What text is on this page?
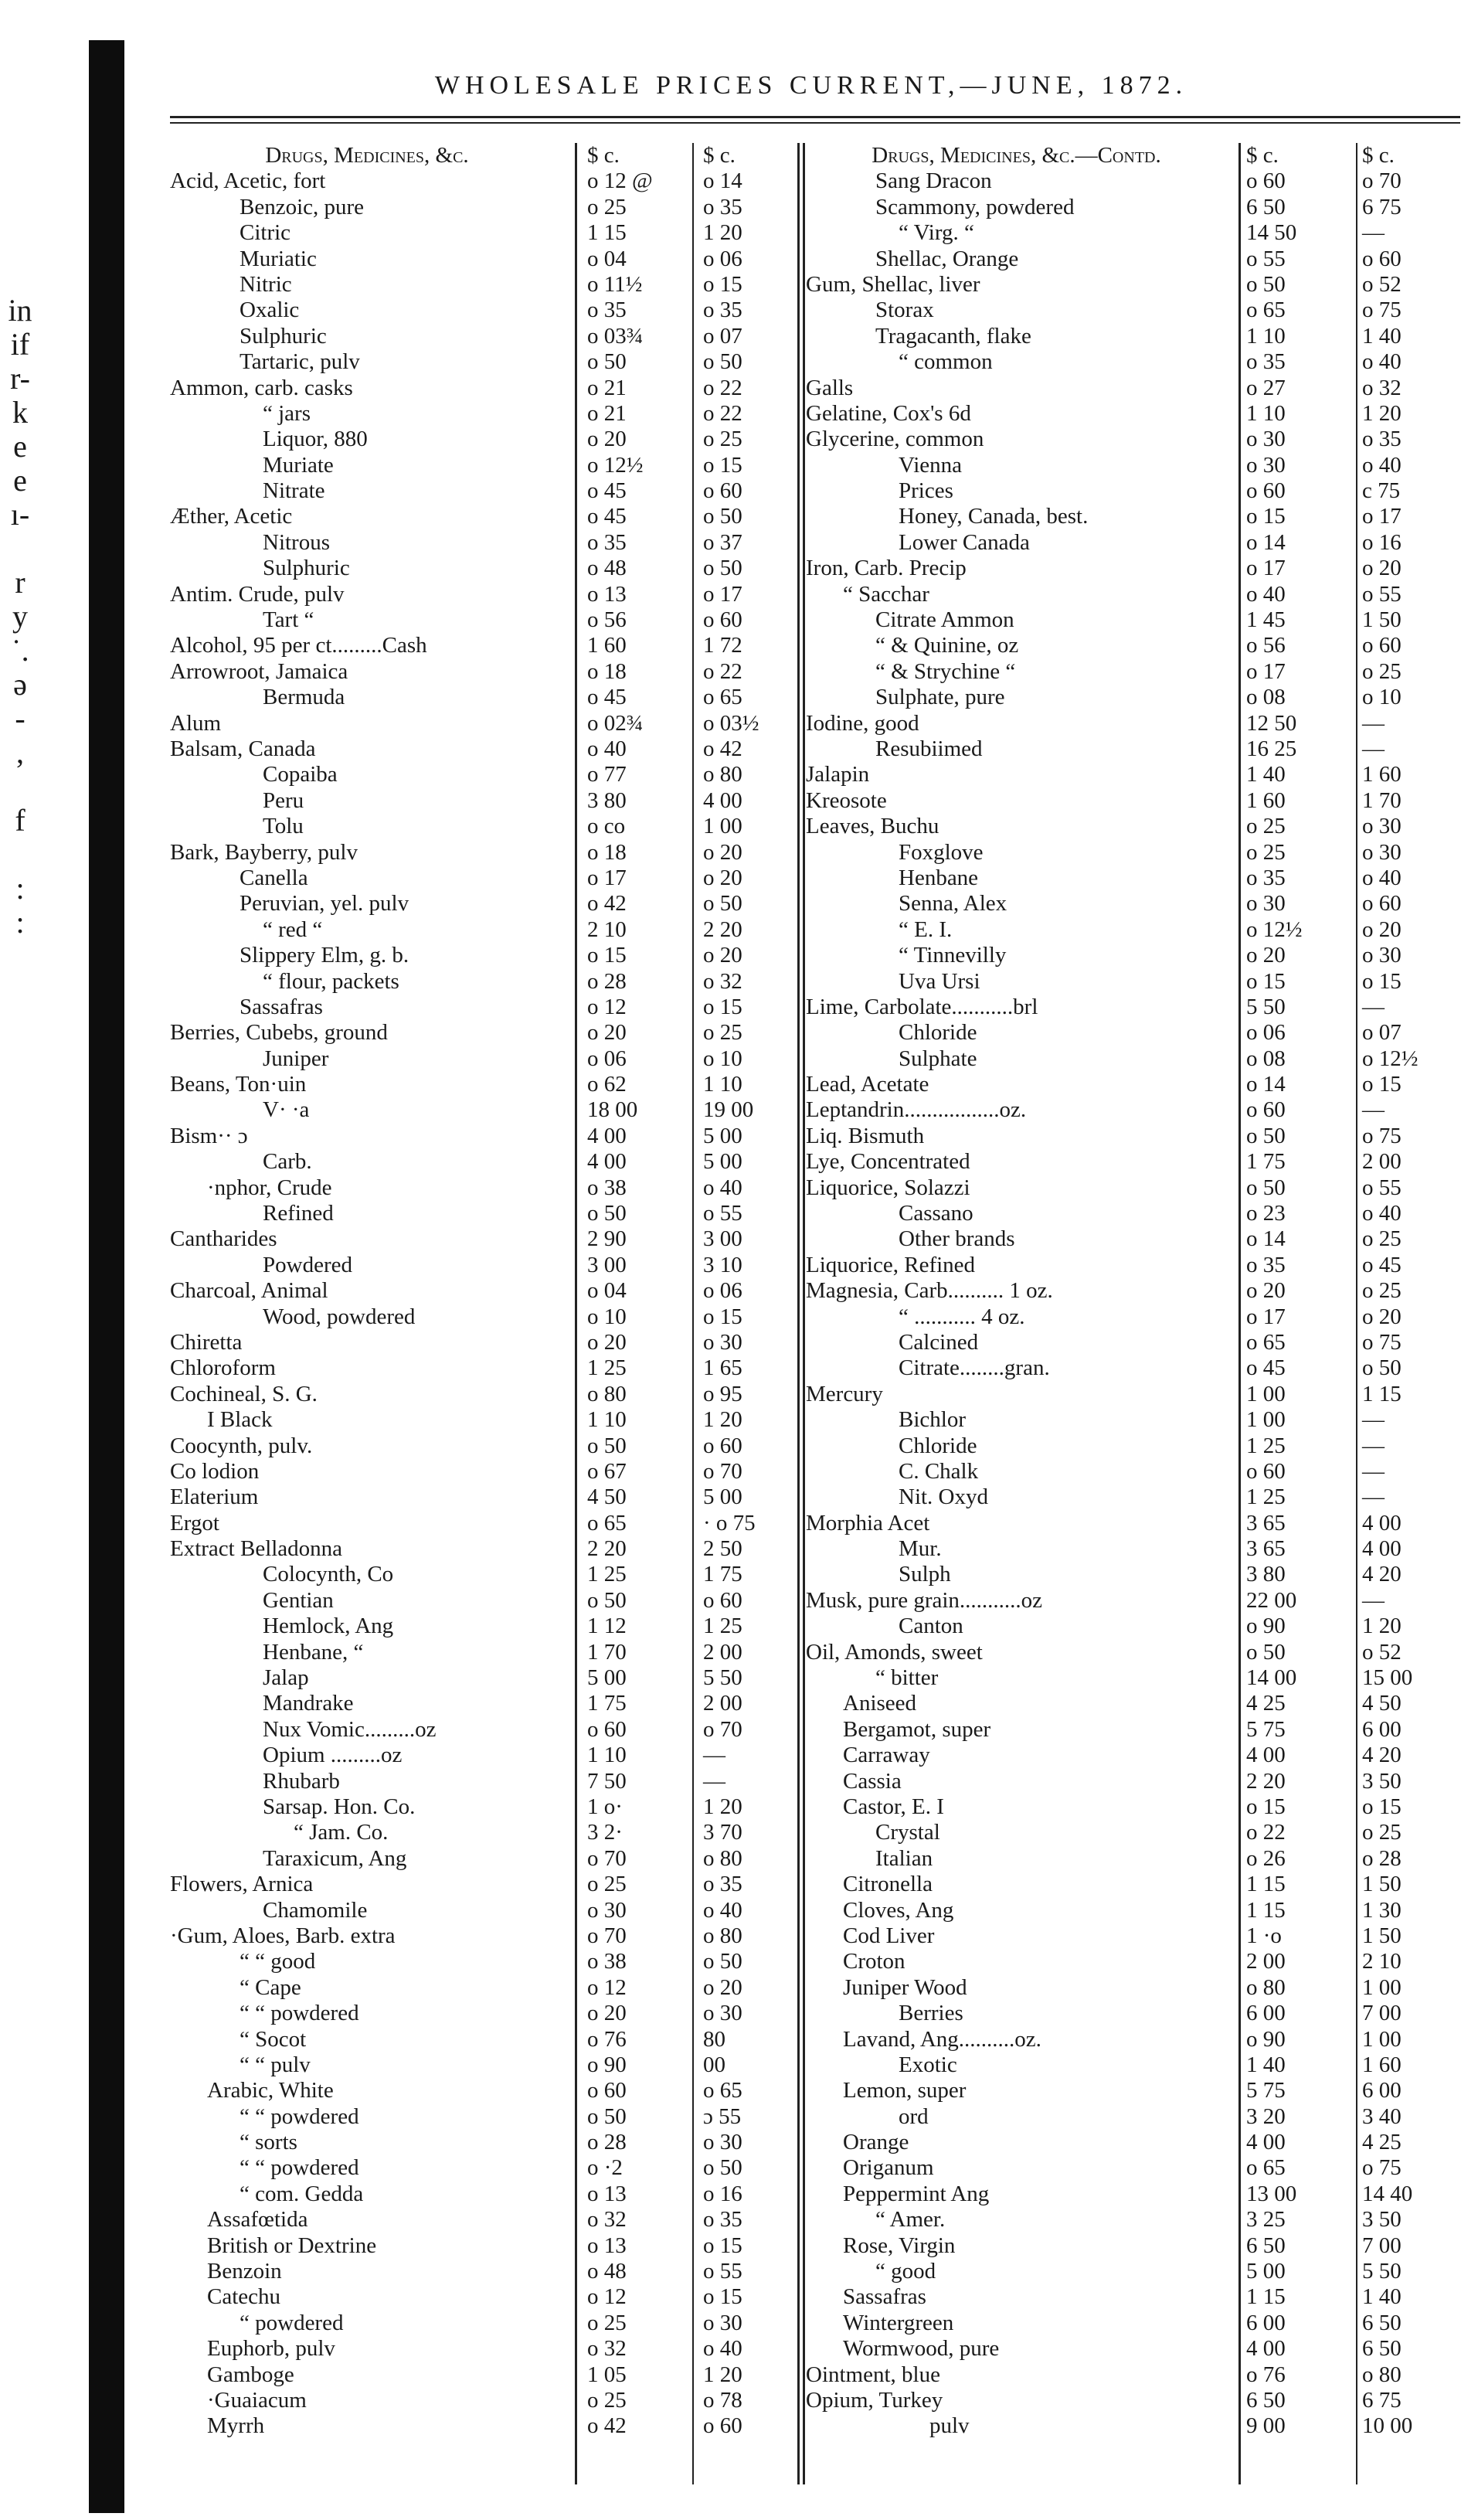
in
if
r-
k
e
e
ı-
r
y
˙.
ə
-
,
f
:
:
WHOLESALE PRICES CURRENT,—JUNE, 1872.
Drugs, Medicines, &c.	$ c.	$ c.
Acid, Acetic, fort	o 12 @	o 14
Benzoic, pure	o 25	o 35
Citric	1 15	1 20
Muriatic	o 04	o 06
Nitric	o 11½	o 15
Oxalic	o 35	o 35
Sulphuric	o 03¾	o 07
Tartaric, pulv	o 50	o 50
Ammon, carb. casks	o 21	o 22
“ jars	o 21	o 22
Liquor, 880	o 20	o 25
Muriate	o 12½	o 15
Nitrate	o 45	o 60
Æther, Acetic	o 45	o 50
Nitrous	o 35	o 37
Sulphuric	o 48	o 50
Antim. Crude, pulv	o 13	o 17
Tart “	o 56	o 60
Alcohol, 95 per ct.........Cash	1 60	1 72
Arrowroot, Jamaica	o 18	o 22
Bermuda	o 45	o 65
Alum	o 02¾	o 03½
Balsam, Canada	o 40	o 42
Copaiba	o 77	o 80
Peru	3 80	4 00
Tolu	o co	1 00
Bark, Bayberry, pulv	o 18	o 20
Canella	o 17	o 20
Peruvian, yel. pulv	o 42	o 50
“ red “	2 10	2 20
Slippery Elm, g. b.	o 15	o 20
“ flour, packets	o 28	o 32
Sassafras	o 12	o 15
Berries, Cubebs, ground	o 20	o 25
Juniper	o 06	o 10
Beans, Ton·uin	o 62	1 10
V· ·a	18 00	19 00
Bism·· ɔ	4 00	5 00
Carb.	4 00	5 00
·nphor, Crude	o 38	o 40
Refined	o 50	o 55
Cantharides	2 90	3 00
Powdered	3 00	3 10
Charcoal, Animal	o 04	o 06
Wood, powdered	o 10	o 15
Chiretta	o 20	o 30
Chloroform	1 25	1 65
Cochineal, S. G.	o 80	o 95
I Black	1 10	1 20
Coocynth, pulv.	o 50	o 60
Co lodion	o 67	o 70
Elaterium	4 50	5 00
Ergot	o 65	· o 75
Extract Belladonna	2 20	2 50
Colocynth, Co	1 25	1 75
Gentian	o 50	o 60
Hemlock, Ang	1 12	1 25
Henbane, “	1 70	2 00
Jalap	5 00	5 50
Mandrake	1 75	2 00
Nux Vomic.........oz	o 60	o 70
Opium .........oz	1 10	—
Rhubarb	7 50	—
Sarsap. Hon. Co.	1 o·	1 20
“ Jam. Co.	3 2·	3 70
Taraxicum, Ang	o 70	o 80
Flowers, Arnica	o 25	o 35
Chamomile	o 30	o 40
·Gum, Aloes, Barb. extra	o 70	o 80
“ “ good	o 38	o 50
“ Cape	o 12	o 20
“ “ powdered	o 20	o 30
“ Socot	o 76	80
“ “ pulv	o 90	00
Arabic, White	o 60	o 65
“ “ powdered	o 50	ɔ 55
“ sorts	o 28	o 30
“ “ powdered	o ·2	o 50
“ com. Gedda	o 13	o 16
Assafœtida	o 32	o 35
British or Dextrine	o 13	o 15
Benzoin	o 48	o 55
Catechu	o 12	o 15
“ powdered	o 25	o 30
Euphorb, pulv	o 32	o 40
Gamboge	1 05	1 20
·Guaiacum	o 25	o 78
Myrrh	o 42	o 60
Drugs, Medicines, &c.—Contd.	$ c.	$ c.
Sang Dracon	o 60	o 70
Scammony, powdered	6 50	6 75
“ Virg. “	14 50	—
Shellac, Orange	o 55	o 60
Gum, Shellac, liver	o 50	o 52
Storax	o 65	o 75
Tragacanth, flake	1 10	1 40
“ common	o 35	o 40
Galls	o 27	o 32
Gelatine, Cox's 6d	1 10	1 20
Glycerine, common	o 30	o 35
Vienna	o 30	o 40
Prices	o 60	c 75
Honey, Canada, best.	o 15	o 17
Lower Canada	o 14	o 16
Iron, Carb. Precip	o 17	o 20
“ Sacchar	o 40	o 55
Citrate Ammon	1 45	1 50
“ & Quinine, oz	o 56	o 60
“ & Strychine “	o 17	o 25
Sulphate, pure	o 08	o 10
Iodine, good	12 50	—
Resubiimed	16 25	—
Jalapin	1 40	1 60
Kreosote	1 60	1 70
Leaves, Buchu	o 25	o 30
Foxglove	o 25	o 30
Henbane	o 35	o 40
Senna, Alex	o 30	o 60
“ E. I.	o 12½	o 20
“ Tinnevilly	o 20	o 30
Uva Ursi	o 15	o 15
Lime, Carbolate...........brl	5 50	—
Chloride	o 06	o 07
Sulphate	o 08	o 12½
Lead, Acetate	o 14	o 15
Leptandrin.................oz.	o 60	—
Liq. Bismuth	o 50	o 75
Lye, Concentrated	1 75	2 00
Liquorice, Solazzi	o 50	o 55
Cassano	o 23	o 40
Other brands	o 14	o 25
Liquorice, Refined	o 35	o 45
Magnesia, Carb.......... 1 oz.	o 20	o 25
“ ........... 4 oz.	o 17	o 20
Calcined	o 65	o 75
Citrate........gran.	o 45	o 50
Mercury	1 00	1 15
Bichlor	1 00	—
Chloride	1 25	—
C. Chalk	o 60	—
Nit. Oxyd	1 25	—
Morphia Acet	3 65	4 00
Mur.	3 65	4 00
Sulph	3 80	4 20
Musk, pure grain...........oz	22 00	—
Canton	o 90	1 20
Oil, Amonds, sweet	o 50	o 52
“ bitter	14 00	15 00
Aniseed	4 25	4 50
Bergamot, super	5 75	6 00
Carraway	4 00	4 20
Cassia	2 20	3 50
Castor, E. I	o 15	o 15
Crystal	o 22	o 25
Italian	o 26	o 28
Citronella	1 15	1 50
Cloves, Ang	1 15	1 30
Cod Liver	1 ·o	1 50
Croton	2 00	2 10
Juniper Wood	o 80	1 00
Berries	6 00	7 00
Lavand, Ang..........oz.	o 90	1 00
Exotic	1 40	1 60
Lemon, super	5 75	6 00
ord	3 20	3 40
Orange	4 00	4 25
Origanum	o 65	o 75
Peppermint Ang	13 00	14 40
“ Amer.	3 25	3 50
Rose, Virgin	6 50	7 00
“ good	5 00	5 50
Sassafras	1 15	1 40
Wintergreen	6 00	6 50
Wormwood, pure	4 00	6 50
Ointment, blue	o 76	o 80
Opium, Turkey	6 50	6 75
pulv	9 00	10 00
